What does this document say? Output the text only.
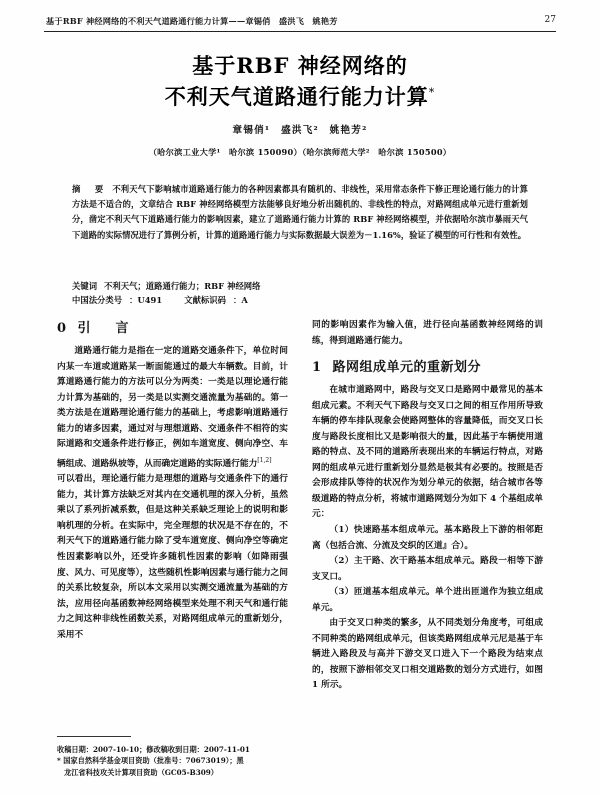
基于RBF 神经网络的不利天气道路通行能力计算——章锡俏　盛洪飞　姚艳芳	27
基于RBF 神经网络的
不利天气道路通行能力计算*
章锡俏¹　盛洪飞²　姚艳芳²
（哈尔滨工业大学¹　哈尔滨 150090）（哈尔滨师范大学²　哈尔滨 150500）
摘　要 不利天气下影响城市道路通行能力的各种因素都具有随机的、非线性，采用常态条件下修正理论通行能力的计算方法是不适合的，文章结合 RBF 神经网络模型方法能够良好地分析出随机的、非线性的特点，对路网组成单元进行重新划分，凿定不利天气下道路通行能力的影响因素，建立了道路通行能力计算的 RBF 神经网络模型，并依据哈尔滨市暴雨天气下道路的实际情况进行了算例分析，计算的道路通行能力与实际数据最大误差为－1.16%，验证了模型的可行性和有效性。
关键词 不利天气；道路通行能力；RBF 神经网络
中国法分类号 ：U491	文献标识码 ：A
0 引　言

道路通行能力是指在一定的道路交通条件下，单位时间内某一车道或道路某一断面能通过的最大车辆数。目前，计算道路通行能力的方法可以分为两类：一类是以理论通行能力计算为基础的，另一类是以实测交通流量为基础的。第一类方法是在道路理论通行能力的基础上，考虑影响道路通行能力的诸多因素，通过对与理想道路、交通条件不相符的实际道路和交通条件进行修正，例如车道宽度、侧向净空、车辆组成、道路纵坡等，从而确定道路的实际通行能力[1,2]

可以看出，理论通行能力是理想的道路与交通条件下的通行能力，其计算方法缺乏对其内在交通机理的深入分析，虽然乘以了系列折减系数，但是这种关系缺乏理论上的说明和影响机理的分析。在实际中，完全理想的状况是不存在的，不利天气下的道路通行能力除了受车道宽度、侧向净空等确定性因素影响以外，还受许多随机性因素的影响（如降雨强度、风力、可见度等），这些随机性影响因素与通行能力之间的关系比较复杂，所以本文采用以实测交通流量为基础的方法，应用径向基函数神经网络模型来处理不利天气和通行能力之间这种非线性函数关系，对路网组成单元的重新划分，采用不

同的影响因素作为输入值，进行径向基函数神经网络的训练，得到道路通行能力。

1 路网组成单元的重新划分

在城市道路网中，路段与交叉口是路网中最常见的基本组成元素。不利天气下路段与交叉口之间的相互作用所导致车辆的停车排队现象会使路网整体的容量降低，而交叉口长度与路段长度相比又是影响很大的量，因此基于车辆使用道路的特点、及不同的道路所表现出来的车辆运行特点，对路网的组成单元进行重新划分显然是极其有必要的。按照是否会形成排队等待的状况作为划分单元的依据，结合城市各等级道路的特点分析，将城市道路网划分为如下 4 个基组成单元：

（1）快速路基本组成单元。基本路段上下游的相邻距离（包括合流、分流及交织的区道』合）。

（2）主干路、次干路基本组成单元。路段一相等下游支叉口。

（3）匝道基本组成单元。单个进出匝道作为独立组成单元。

由于交叉口种类的繁多，从不同类划分角度考，可组成不同种类的路网组成单元，但该类路网组成单元尼是基于车辆进入路段及与高并下游交叉口进入下一个路段为结束点的，按照下游相邻交叉口相交道路数的划分方式进行，如图 1 所示。

收稿日期：2007-10-10；修改稿收到日期：2007-11-01

* 国家自然科学基金项目资助（批准号：70673019）；黑

龙江省科技攻关计算项目资助（GC05-B309）
